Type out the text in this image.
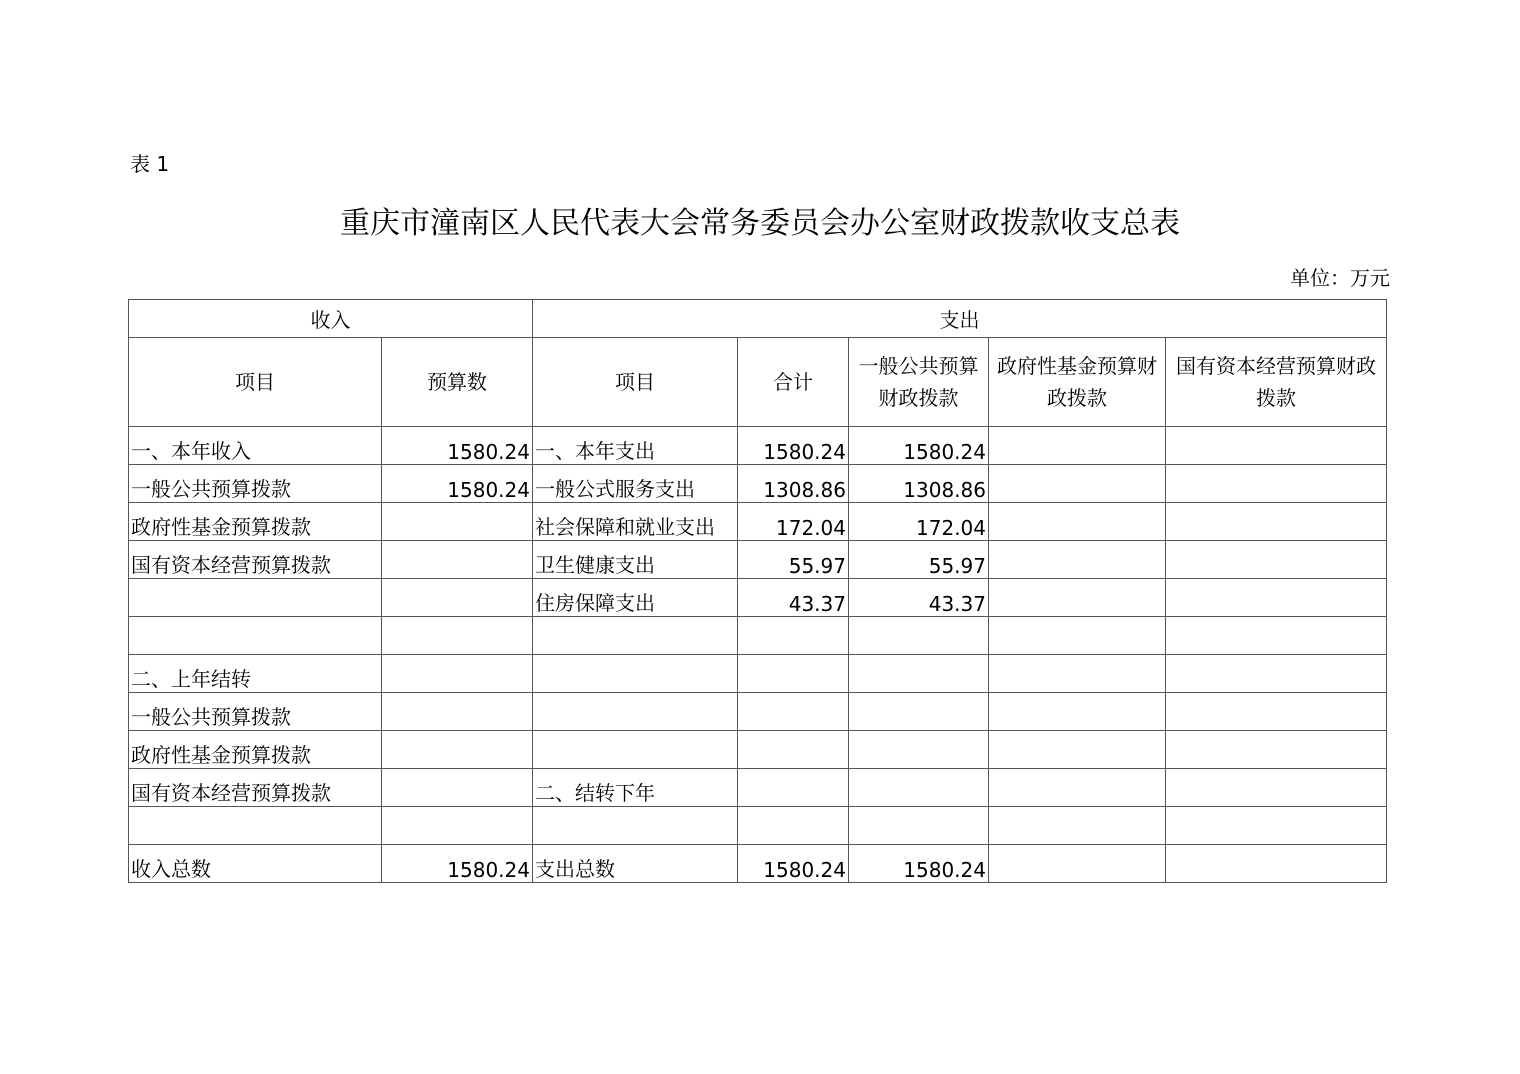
表 1
重庆市潼南区人民代表大会常务委员会办公室财政拨款收支总表
单位：万元
收入		支出				
项目	预算数	项目	合计	一般公共预算财政拨款	政府性基金预算财政拨款	国有资本经营预算财政拨款
一、本年收入	1580.24	一、本年支出	1580.24	1580.24		
一般公共预算拨款	1580.24	一般公式服务支出	1308.86	1308.86		
政府性基金预算拨款		社会保障和就业支出	172.04	172.04		
国有资本经营预算拨款		卫生健康支出	55.97	55.97		
		住房保障支出	43.37	43.37		

二、上年结转						
一般公共预算拨款						
政府性基金预算拨款						
国有资本经营预算拨款		二、结转下年				

收入总数	1580.24	支出总数	1580.24	1580.24		
